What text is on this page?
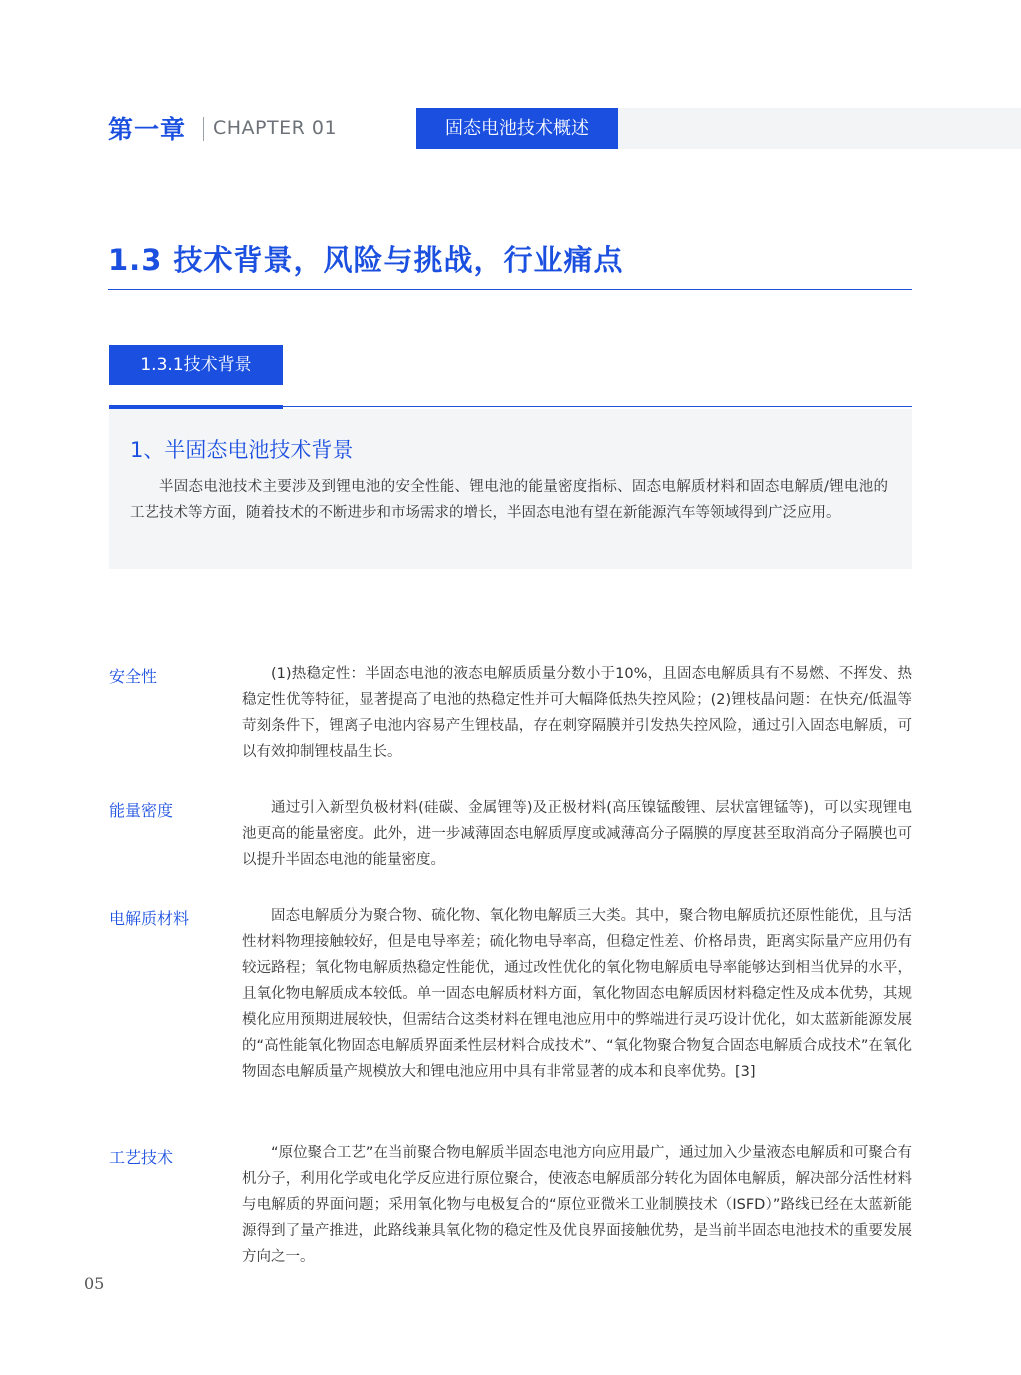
第一章 CHAPTER 01	固态电池技术概述
1.3 技术背景，风险与挑战，行业痛点
1.3.1技术背景
1、半固态电池技术背景
半固态电池技术主要涉及到锂电池的安全性能、锂电池的能量密度指标、固态电解质材料和固态电解质/锂电池的工艺技术等方面，随着技术的不断进步和市场需求的增长，半固态电池有望在新能源汽车等领域得到广泛应用。
安全性	(1)热稳定性：半固态电池的液态电解质质量分数小于10%，且固态电解质具有不易燃、不挥发、热稳定性优等特征，显著提高了电池的热稳定性并可大幅降低热失控风险；(2)锂枝晶问题：在快充/低温等苛刻条件下，锂离子电池内容易产生锂枝晶，存在刺穿隔膜并引发热失控风险，通过引入固态电解质，可以有效抑制锂枝晶生长。
能量密度	通过引入新型负极材料(硅碳、金属锂等)及正极材料(高压镍锰酸锂、层状富锂锰等)，可以实现锂电池更高的能量密度。此外，进一步减薄固态电解质厚度或减薄高分子隔膜的厚度甚至取消高分子隔膜也可以提升半固态电池的能量密度。
电解质材料	固态电解质分为聚合物、硫化物、氧化物电解质三大类。其中，聚合物电解质抗还原性能优，且与活性材料物理接触较好，但是电导率差；硫化物电导率高，但稳定性差、价格昂贵，距离实际量产应用仍有较远路程；氧化物电解质热稳定性能优，通过改性优化的氧化物电解质电导率能够达到相当优异的水平，且氧化物电解质成本较低。单一固态电解质材料方面，氧化物固态电解质因材料稳定性及成本优势，其规模化应用预期进展较快，但需结合这类材料在锂电池应用中的弊端进行灵巧设计优化，如太蓝新能源发展的“高性能氧化物固态电解质界面柔性层材料合成技术”、“氧化物聚合物复合固态电解质合成技术”在氧化物固态电解质量产规模放大和锂电池应用中具有非常显著的成本和良率优势。[3]
工艺技术	“原位聚合工艺”在当前聚合物电解质半固态电池方向应用最广，通过加入少量液态电解质和可聚合有机分子，利用化学或电化学反应进行原位聚合，使液态电解质部分转化为固体电解质，解决部分活性材料与电解质的界面问题；采用氧化物与电极复合的“原位亚微米工业制膜技术（ISFD）”路线已经在太蓝新能源得到了量产推进，此路线兼具氧化物的稳定性及优良界面接触优势，是当前半固态电池技术的重要发展方向之一。
05
